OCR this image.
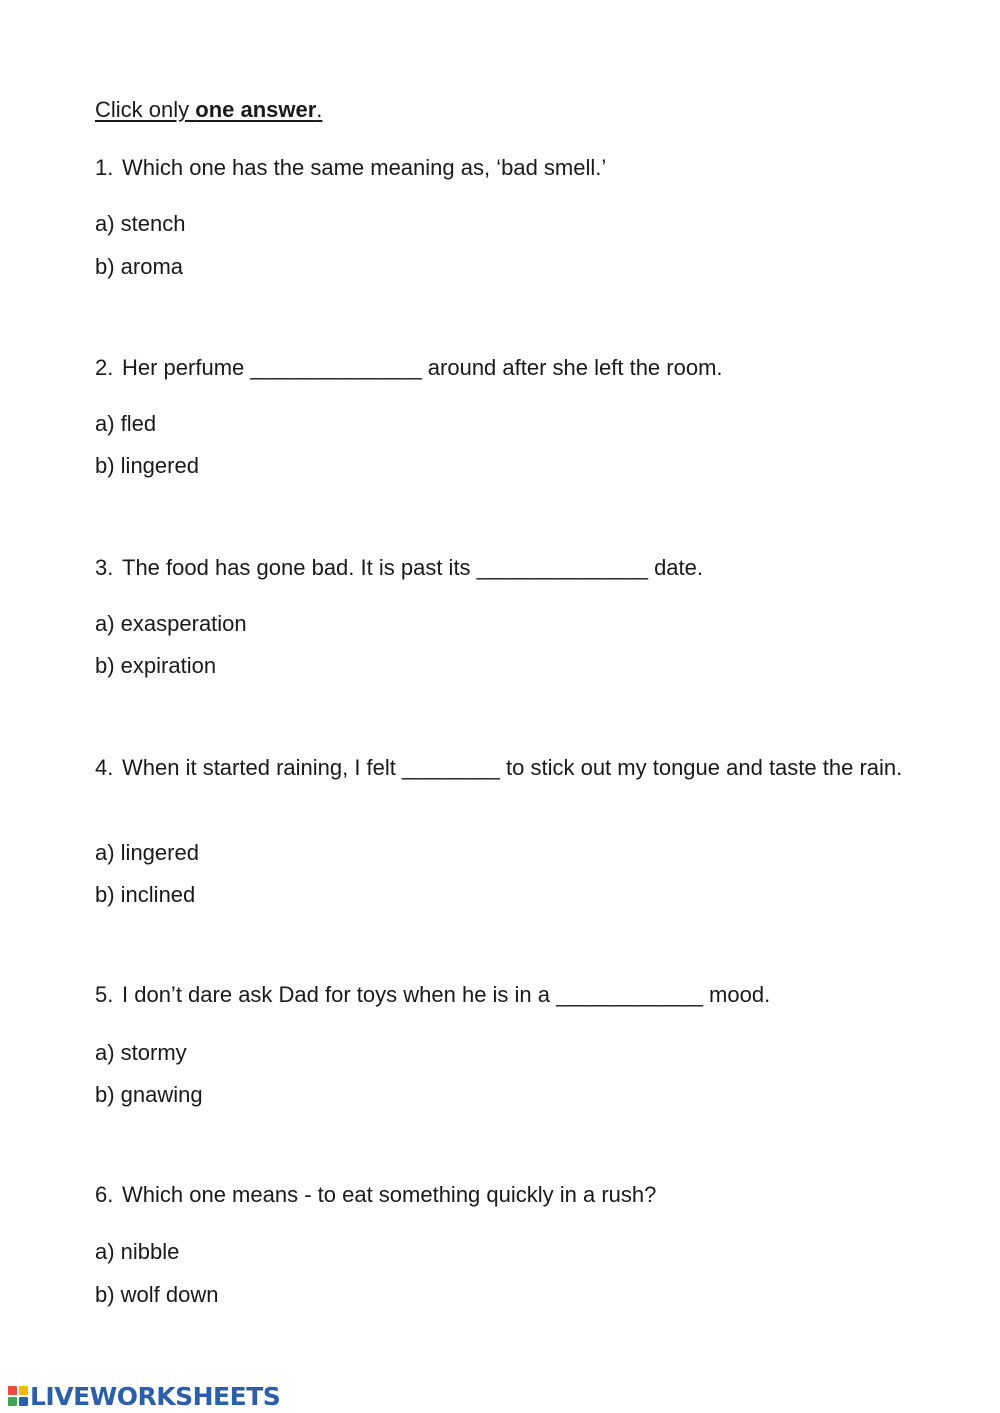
Click only one answer.
1. Which one has the same meaning as, ‘bad smell.’
a) stench
b) aroma
2. Her perfume ______________ around after she left the room.
a) fled
b) lingered
3. The food has gone bad. It is past its ______________ date.
a) exasperation
b) expiration
4. When it started raining, I felt ________ to stick out my tongue and taste the rain.
a) lingered
b) inclined
5. I don’t dare ask Dad for toys when he is in a ____________ mood.
a) stormy
b) gnawing
6. Which one means - to eat something quickly in a rush?
a) nibble
b) wolf down
LIVEWORKSHEETS
